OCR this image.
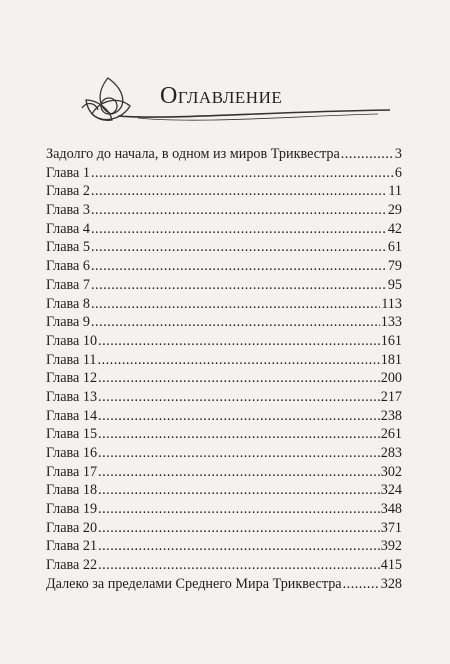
Оглавление
Задолго до начала, в одном из миров Триквестра .....	3
Глава 1 .....	6
Глава 2 .....	11
Глава 3 .....	29
Глава 4 .....	42
Глава 5 .....	61
Глава 6 .....	79
Глава 7 .....	95
Глава 8 .....	113
Глава 9 .....	133
Глава 10 .....	161
Глава 11 .....	181
Глава 12 .....	200
Глава 13 .....	217
Глава 14 .....	238
Глава 15 .....	261
Глава 16 .....	283
Глава 17 .....	302
Глава 18 .....	324
Глава 19 .....	348
Глава 20 .....	371
Глава 21 .....	392
Глава 22 .....	415
Далеко за пределами Среднего Мира Триквестра .....	328
